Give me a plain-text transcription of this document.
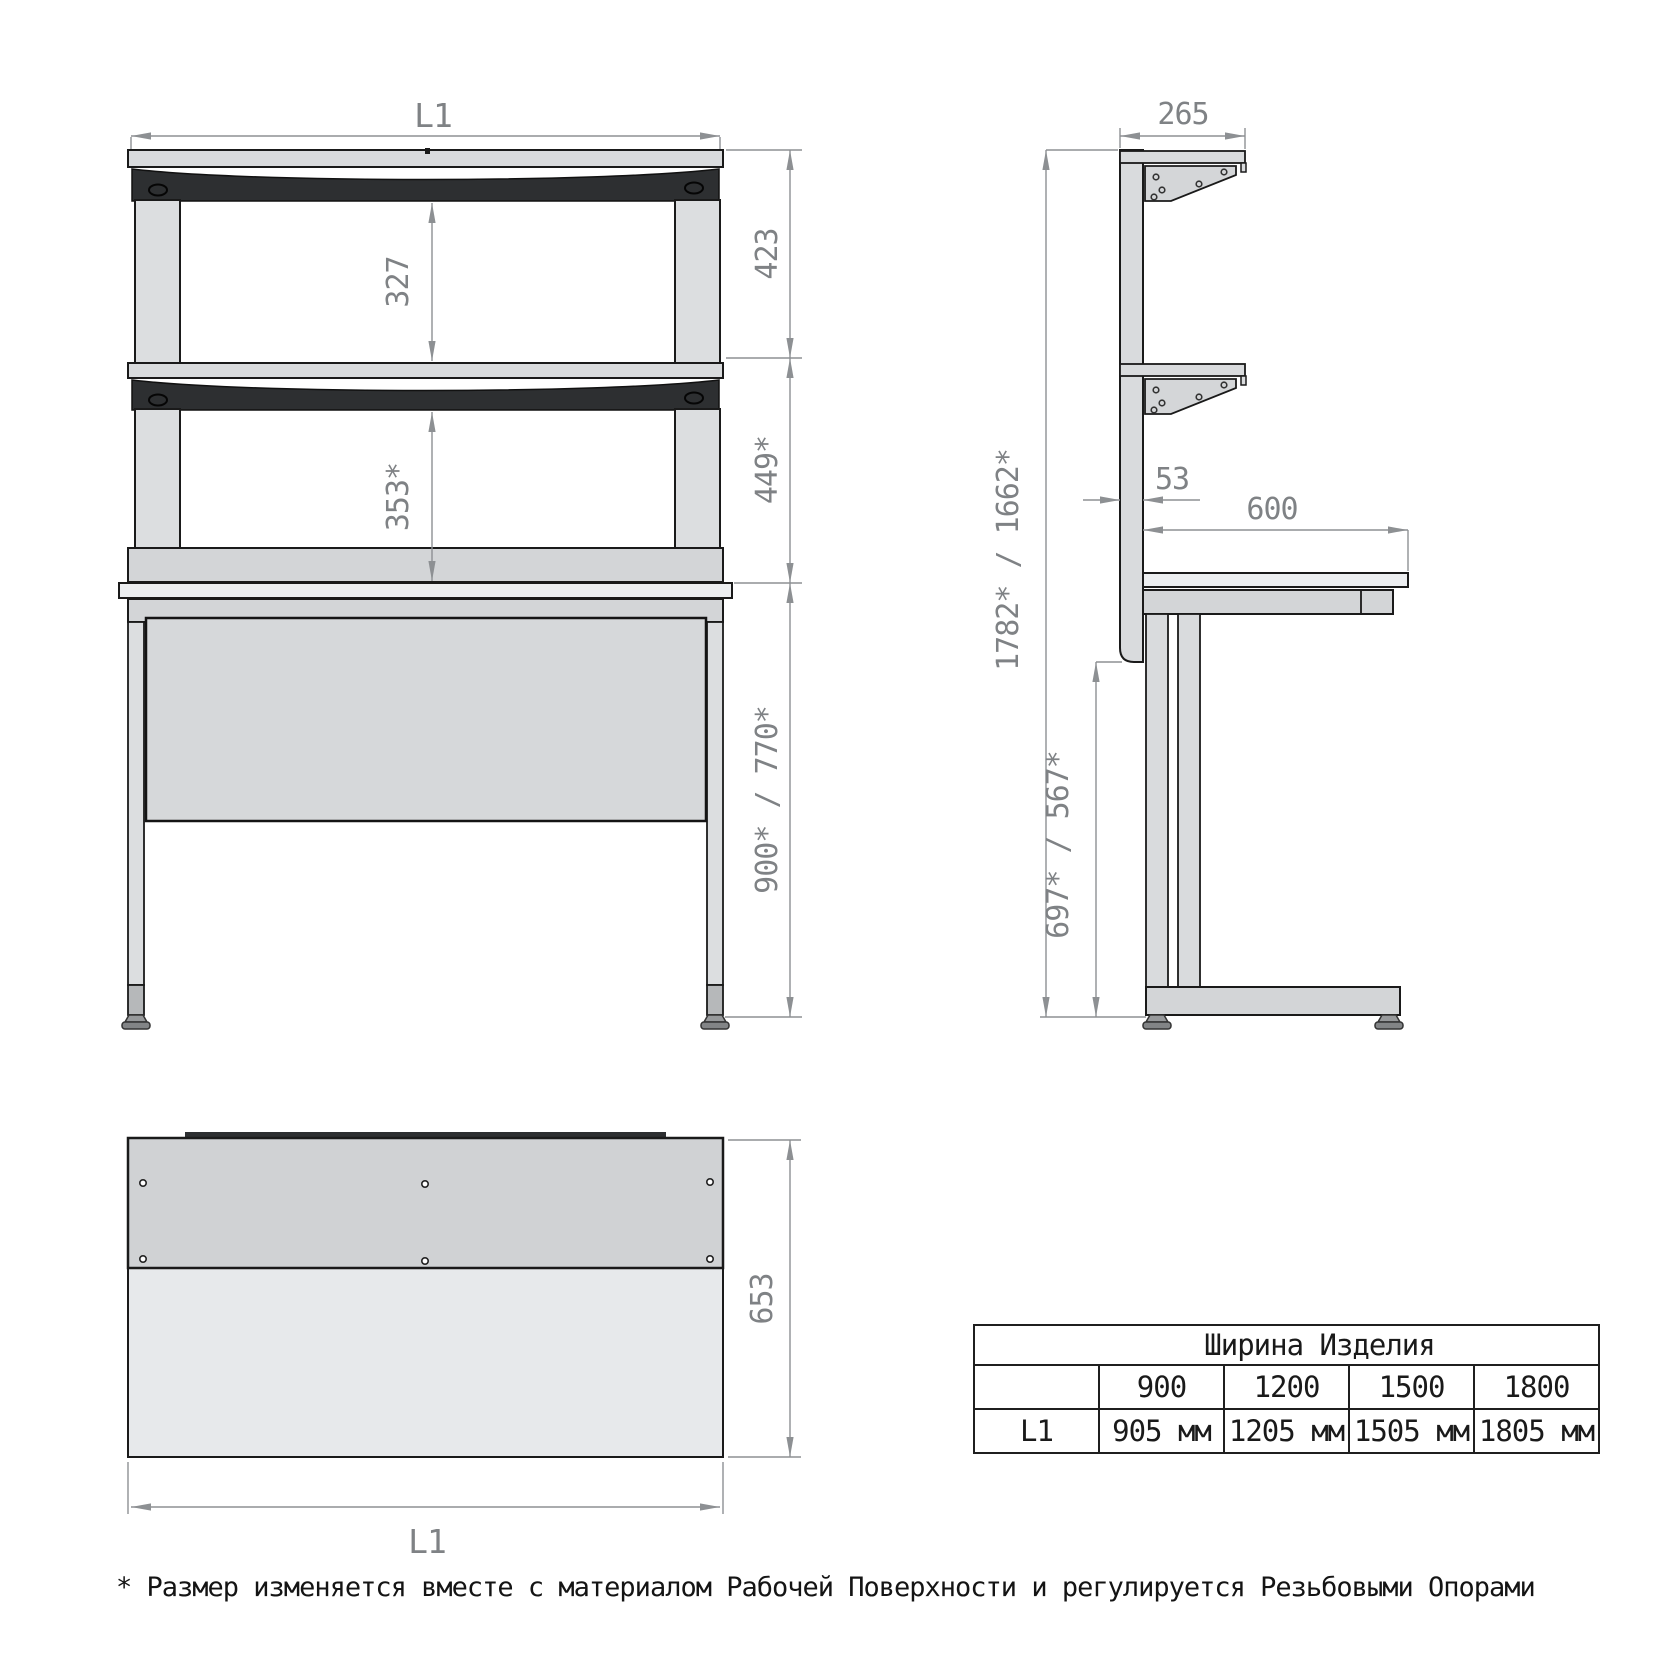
L1
327
353*
423
449*
900* / 770*
265
53
600
1782* / 1662*
697* / 567*
653
L1
Ширина Изделия				
	900	1200	1500	1800
L1	905 мм	1205 мм	1505 мм	1805 мм
* Размер изменяется вместе с материалом Рабочей Поверхности и регулируется Резьбовыми Опорами
